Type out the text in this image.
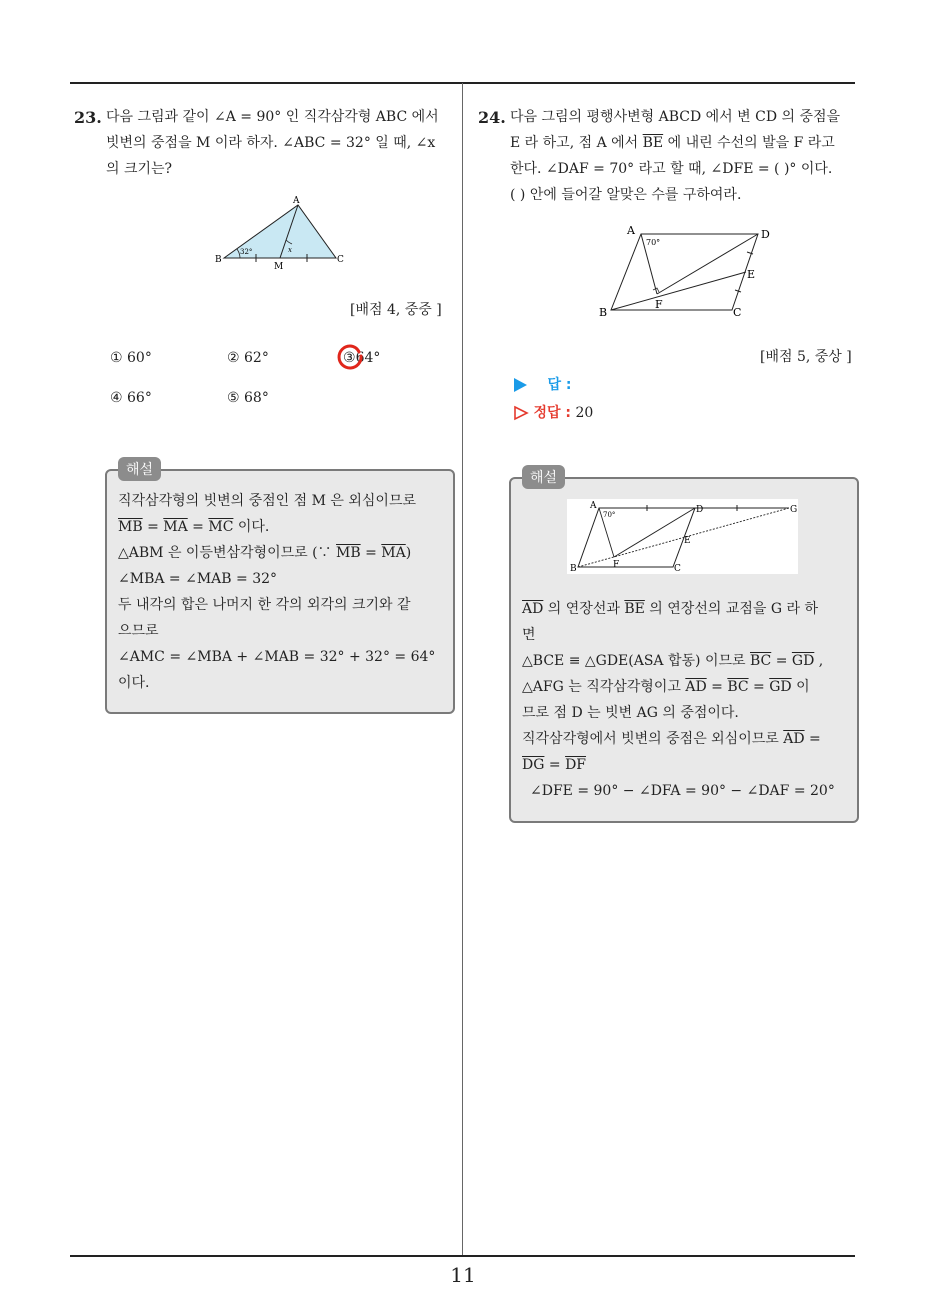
11
23. 다음 그림과 같이 ∠A = 90° 인 직각삼각형 ABC 에서
빗변의 중점을 M 이라 하자. ∠ABC = 32° 일 때, ∠x
의 크기는?
A
B	C
M
32°	x
[배점 4, 중중 ]
① 60°	② 62°	③64°
④ 66°	⑤ 68°
해설
직각삼각형의 빗변의 중점인 점 M 은 외심이므로
$\overline{MB} = \overline{MA} = \overline{MC}$ 이다.
△ABM 은 이등변삼각형이므로 (∵ $\overline{MB} = \overline{MA}$)
∠MBA = ∠MAB = 32°
두 내각의 합은 나머지 한 각의 외각의 크기와 같
으므로
∠AMC = ∠MBA + ∠MAB = 32° + 32° = 64°
이다.
24. 다음 그림의 평행사변형 ABCD 에서 변 CD 의 중점을
E 라 하고, 점 A 에서 $\overline{BE}$ 에 내린 수선의 발을 F 라고
한다. ∠DAF = 70° 라고 할 때, ∠DFE = ( )° 이다.
( ) 안에 들어갈 알맞은 수를 구하여라.
A
70°
D
E
F
B	C
[배점 5, 중상 ]
답 :
정답 : 20
해설
A
70°	D	G
E
F
B	C
$\overline{AD}$ 의 연장선과 $\overline{BE}$ 의 연장선의 교점을 G 라 하
면
△BCE ≡ △GDE(ASA 합동) 이므로 $\overline{BC} = \overline{GD}$ ,
△AFG 는 직각삼각형이고 $\overline{AD} = \overline{BC} = \overline{GD}$ 이
므로 점 D 는 빗변 AG 의 중점이다.
직각삼각형에서 빗변의 중점은 외심이므로 $\overline{AD}$ =
$\overline{DG} = \overline{DF}$
∠DFE = 90° − ∠DFA = 90° − ∠DAF = 20°
